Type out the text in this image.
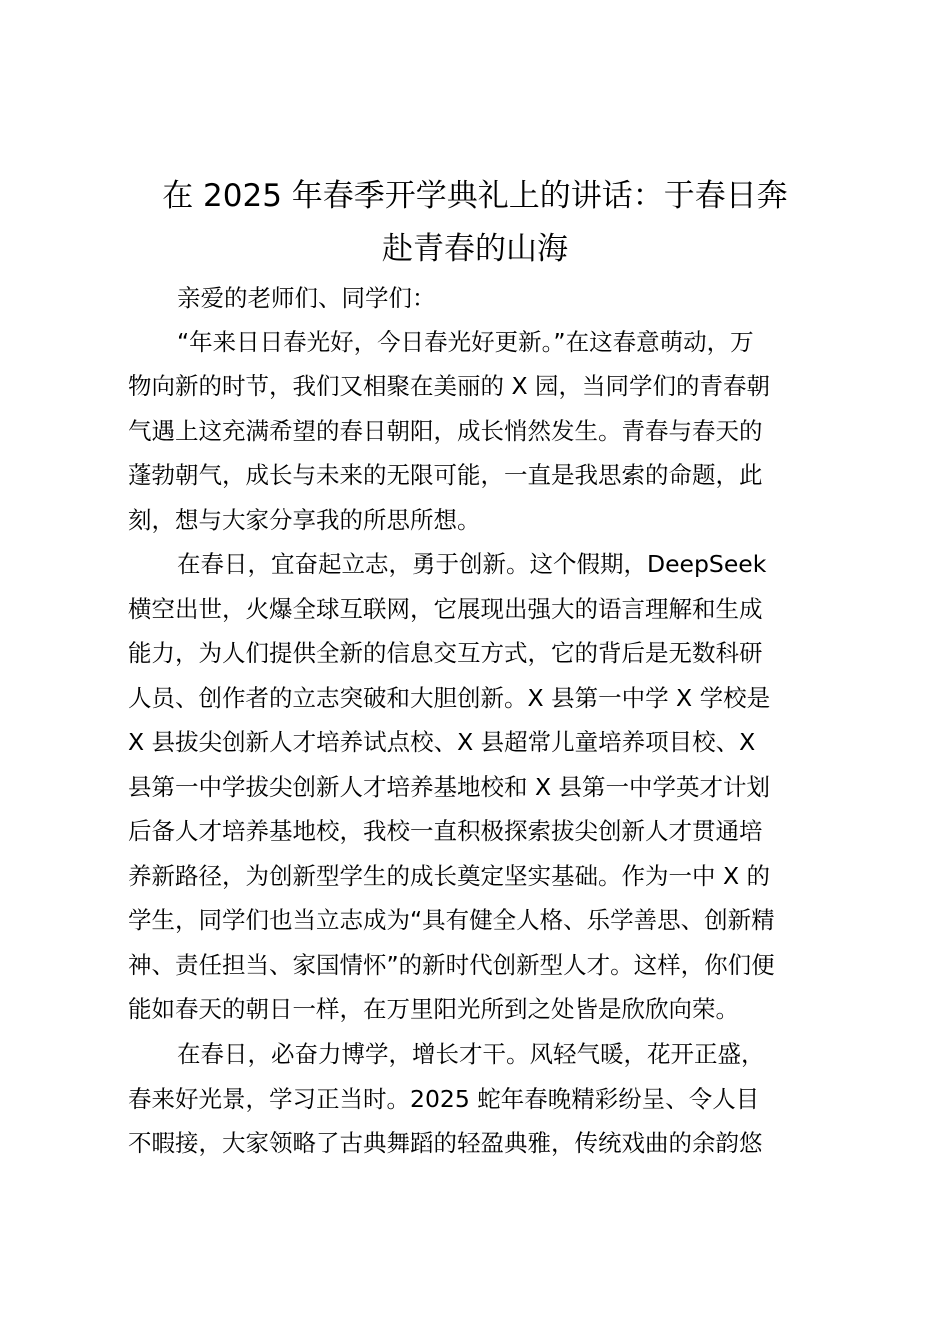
在 2025 年春季开学典礼上的讲话：于春日奔
赴青春的山海

亲爱的老师们、同学们：

“年来日日春光好，今日春光好更新。”在这春意萌动，万

物向新的时节，我们又相聚在美丽的 X 园，当同学们的青春朝

气遇上这充满希望的春日朝阳，成长悄然发生。青春与春天的

蓬勃朝气，成长与未来的无限可能，一直是我思索的命题，此

刻，想与大家分享我的所思所想。

在春日，宜奋起立志，勇于创新。这个假期，DeepSeek

横空出世，火爆全球互联网，它展现出强大的语言理解和生成

能力，为人们提供全新的信息交互方式，它的背后是无数科研

人员、创作者的立志突破和大胆创新。X 县第一中学 X 学校是

X 县拔尖创新人才培养试点校、X 县超常儿童培养项目校、X

县第一中学拔尖创新人才培养基地校和 X 县第一中学英才计划

后备人才培养基地校，我校一直积极探索拔尖创新人才贯通培

养新路径，为创新型学生的成长奠定坚实基础。作为一中 X 的

学生，同学们也当立志成为“具有健全人格、乐学善思、创新精

神、责任担当、家国情怀”的新时代创新型人才。这样，你们便

能如春天的朝日一样，在万里阳光所到之处皆是欣欣向荣。

在春日，必奋力博学，增长才干。风轻气暖，花开正盛，

春来好光景，学习正当时。2025 蛇年春晚精彩纷呈、令人目

不暇接，大家领略了古典舞蹈的轻盈典雅，传统戏曲的余韵悠
